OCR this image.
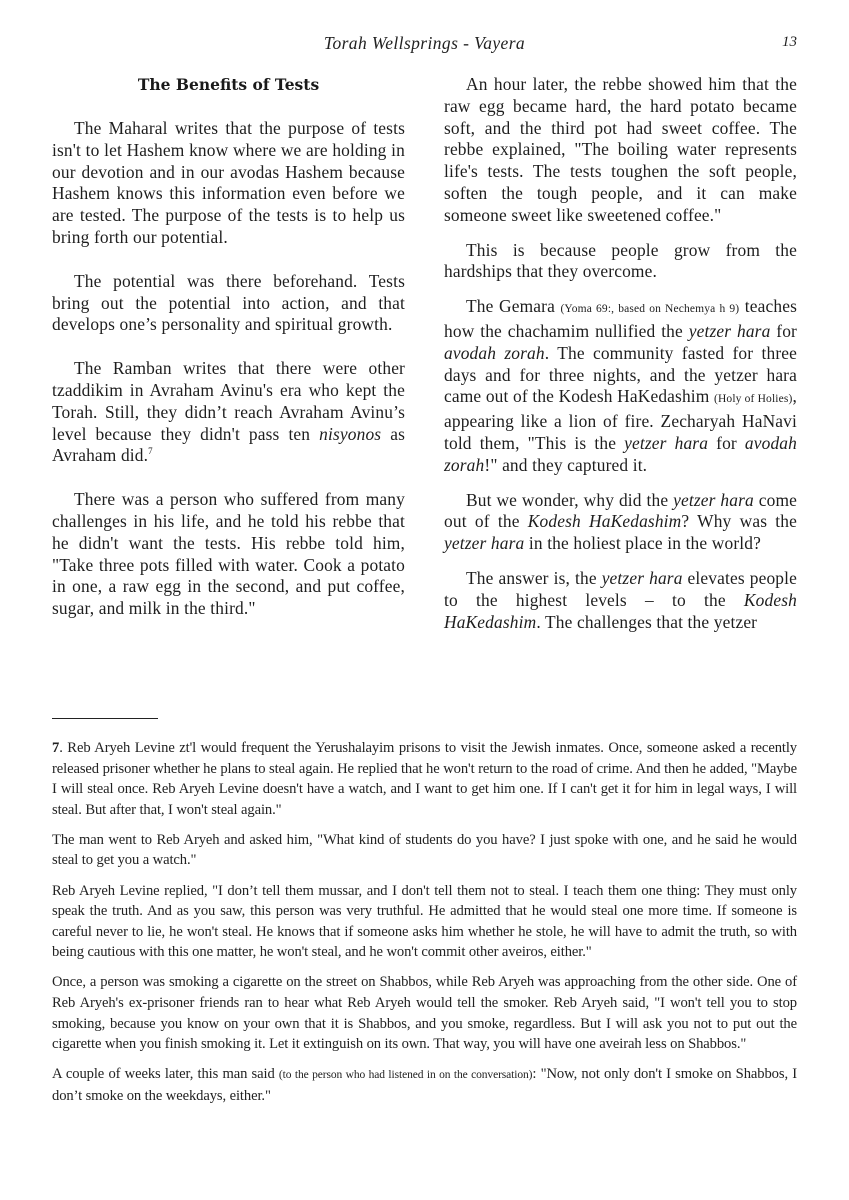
Torah Wellsprings - Vayera	13
The Benefits of Tests

The Maharal writes that the purpose of tests isn't to let Hashem know where we are holding in our devotion and in our avodas Hashem because Hashem knows this information even before we are tested. The purpose of the tests is to help us bring forth our potential.

The potential was there beforehand. Tests bring out the potential into action, and that develops one’s personality and spiritual growth.

The Ramban writes that there were other tzaddikim in Avraham Avinu's era who kept the Torah. Still, they didn’t reach Avraham Avinu’s level because they didn't pass ten nisyonos as Avraham did.$^7$

There was a person who suffered from many challenges in his life, and he told his rebbe that he didn't want the tests. His rebbe told him, "Take three pots filled with water. Cook a potato in one, a raw egg in the second, and put coffee, sugar, and milk in the third."

An hour later, the rebbe showed him that the raw egg became hard, the hard potato became soft, and the third pot had sweet coffee. The rebbe explained, "The boiling water represents life's tests. The tests toughen the soft people, soften the tough people, and it can make someone sweet like sweetened coffee."

This is because people grow from the hardships that they overcome.

The Gemara (Yoma 69:, based on Nechemya h 9) teaches how the chachamim nullified the yetzer hara for avodah zorah. The community fasted for three days and for three nights, and the yetzer hara came out of the Kodesh HaKedashim (Holy of Holies), appearing like a lion of fire. Zecharyah HaNavi told them, "This is the yetzer hara for avodah zorah!" and they captured it.

But we wonder, why did the yetzer hara come out of the Kodesh HaKedashim? Why was the yetzer hara in the holiest place in the world?

The answer is, the yetzer hara elevates people to the highest levels – to the Kodesh HaKedashim. The challenges that the yetzer

7. Reb Aryeh Levine zt'l would frequent the Yerushalayim prisons to visit the Jewish inmates. Once, someone asked a recently released prisoner whether he plans to steal again. He replied that he won't return to the road of crime. And then he added, "Maybe I will steal once. Reb Aryeh Levine doesn't have a watch, and I want to get him one. If I can't get it for him in legal ways, I will steal. But after that, I won't steal again."

The man went to Reb Aryeh and asked him, "What kind of students do you have? I just spoke with one, and he said he would steal to get you a watch."

Reb Aryeh Levine replied, "I don’t tell them mussar, and I don't tell them not to steal. I teach them one thing: They must only speak the truth. And as you saw, this person was very truthful. He admitted that he would steal one more time. If someone is careful never to lie, he won't steal. He knows that if someone asks him whether he stole, he will have to admit the truth, so with being cautious with this one matter, he won't steal, and he won't commit other aveiros, either."

Once, a person was smoking a cigarette on the street on Shabbos, while Reb Aryeh was approaching from the other side. One of Reb Aryeh's ex-prisoner friends ran to hear what Reb Aryeh would tell the smoker. Reb Aryeh said, "I won't tell you to stop smoking, because you know on your own that it is Shabbos, and you smoke, regardless. But I will ask you not to put out the cigarette when you finish smoking it. Let it extinguish on its own. That way, you will have one aveirah less on Shabbos."

A couple of weeks later, this man said (to the person who had listened in on the conversation): "Now, not only don't I smoke on Shabbos, I don’t smoke on the weekdays, either."
